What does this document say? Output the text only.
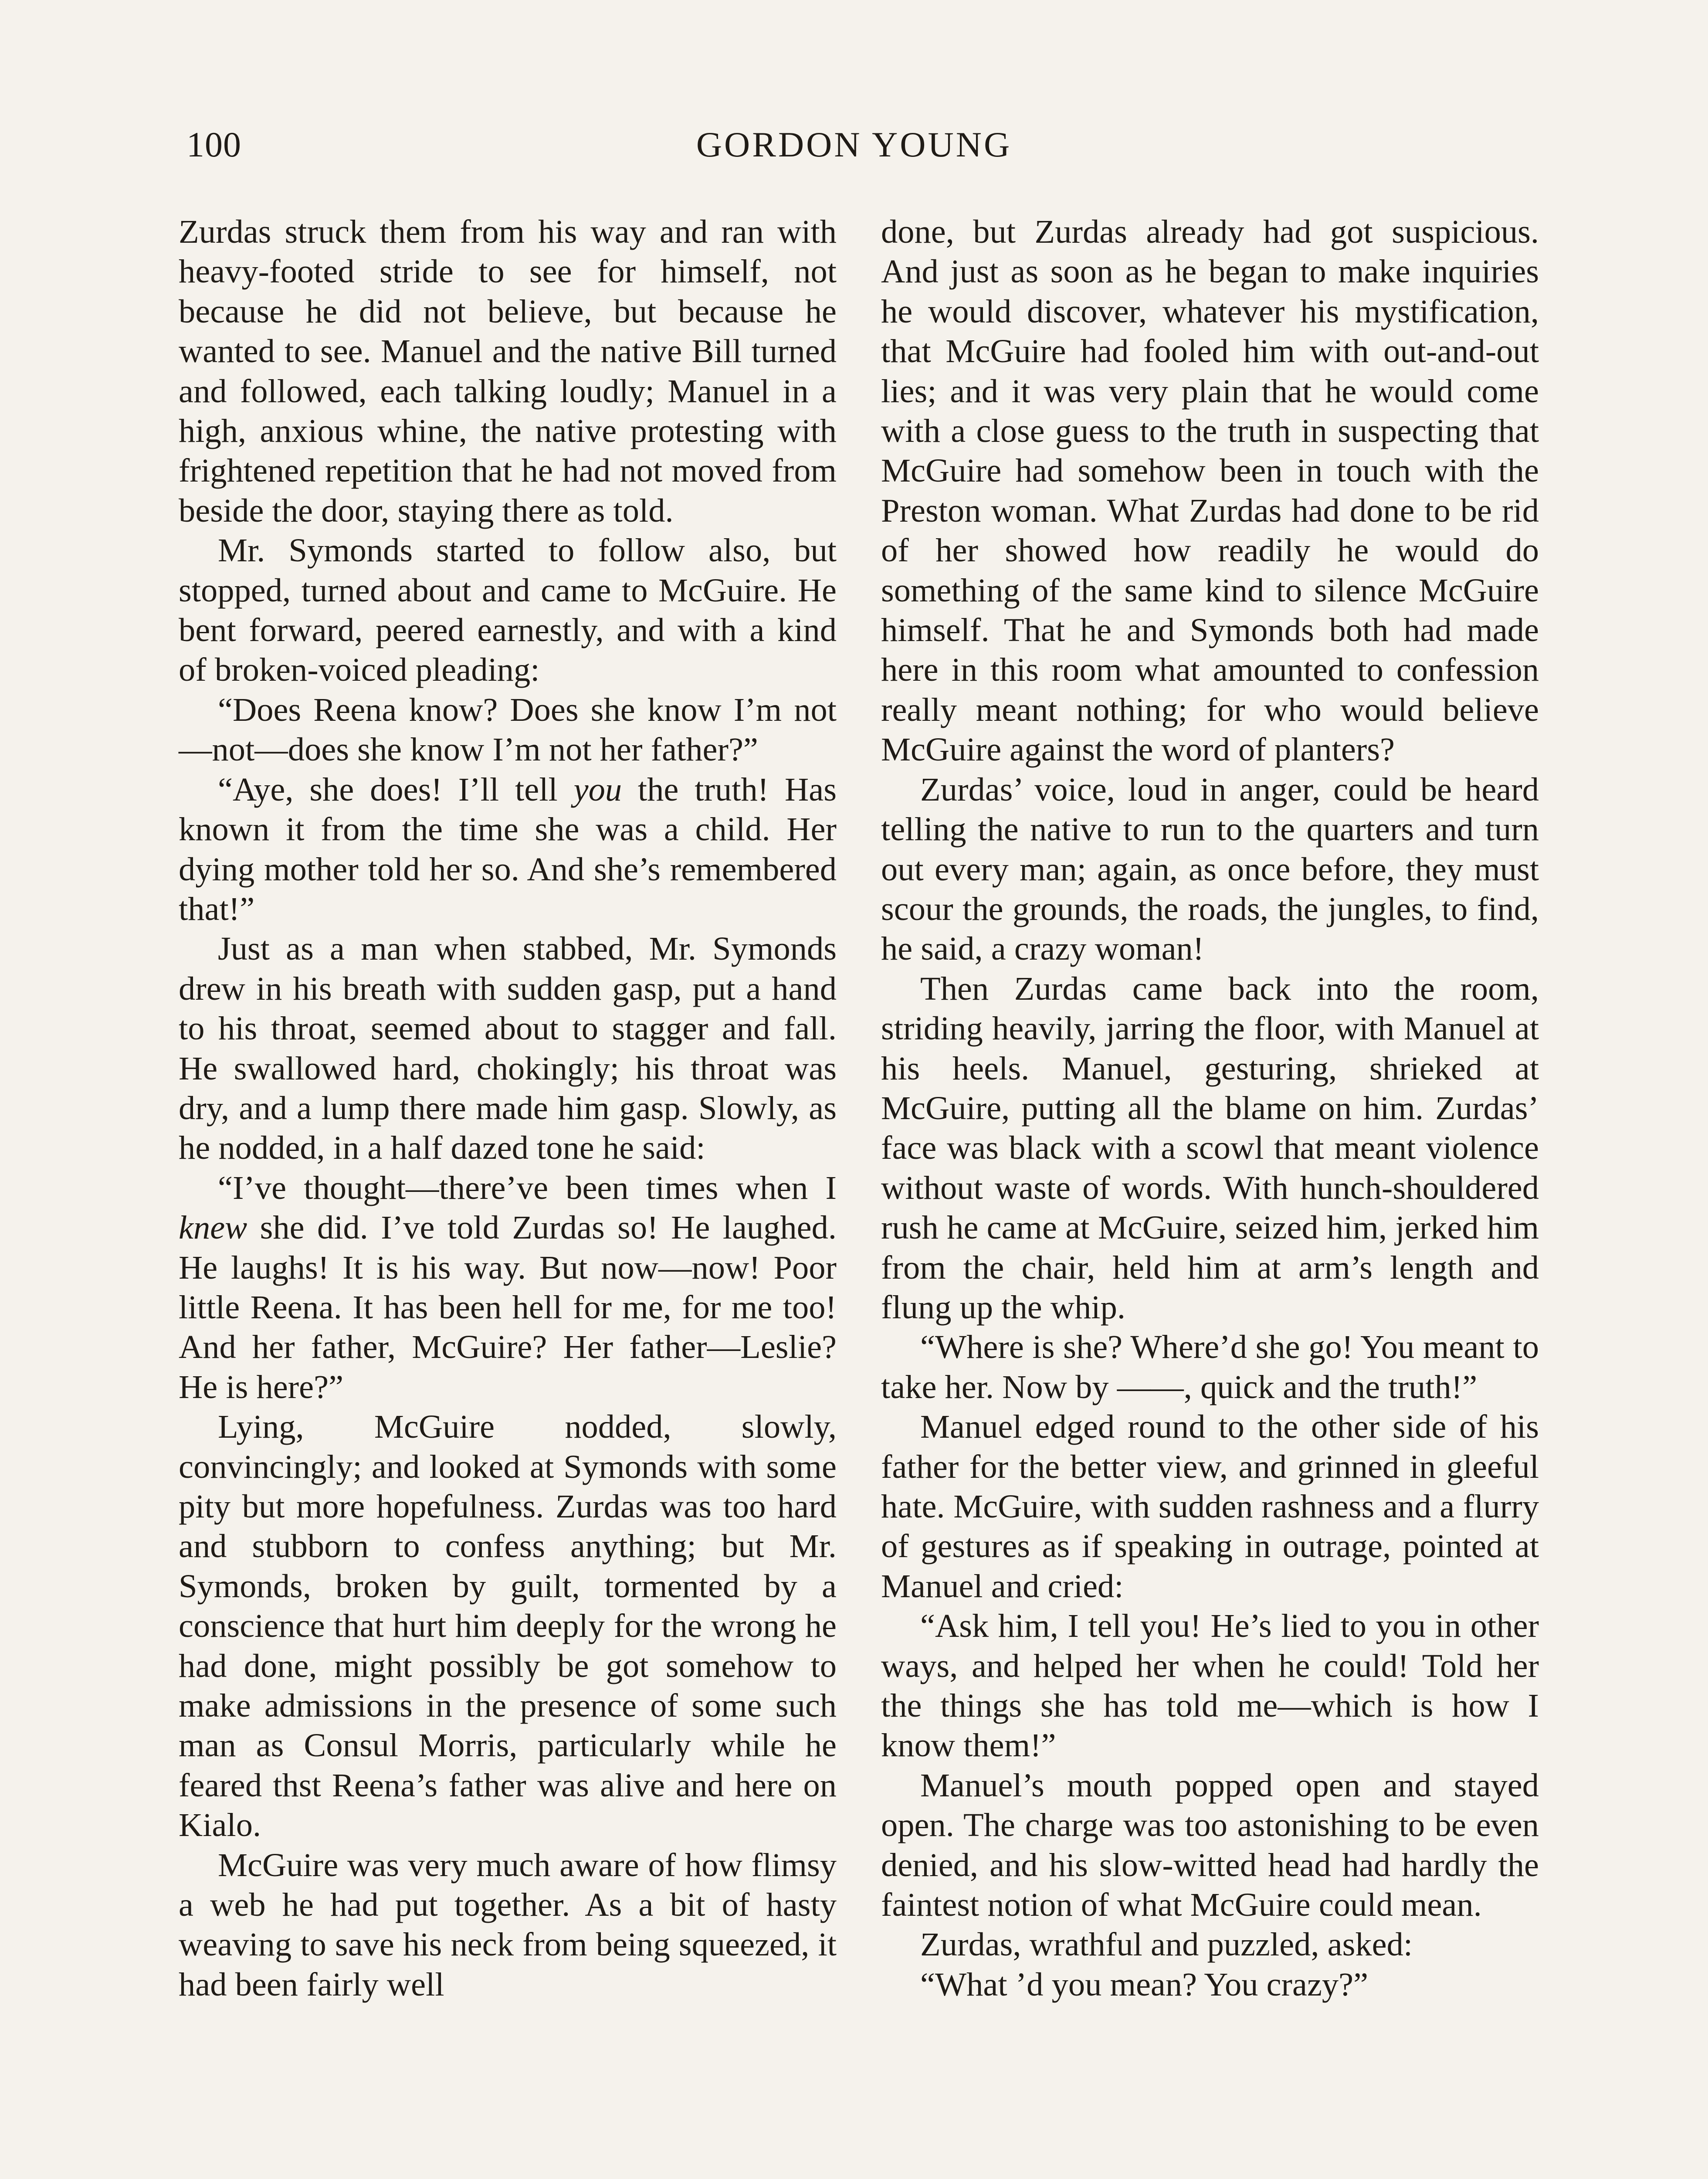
100	GORDON YOUNG

Zurdas struck them from his way and ran with heavy-footed stride to see for himself, not because he did not believe, but because he wanted to see. Manuel and the native Bill turned and followed, each talking loudly; Manuel in a high, anxious whine, the native protesting with frightened repetition that he had not moved from beside the door, staying there as told.

Mr. Symonds started to follow also, but stopped, turned about and came to McGuire. He bent forward, peered earnestly, and with a kind of broken-voiced pleading:

“Does Reena know? Does she know I’m not—not—does she know I’m not her father?”

“Aye, she does! I’ll tell you the truth! Has known it from the time she was a child. Her dying mother told her so. And she’s remembered that!”

Just as a man when stabbed, Mr. Symonds drew in his breath with sudden gasp, put a hand to his throat, seemed about to stagger and fall. He swallowed hard, chokingly; his throat was dry, and a lump there made him gasp. Slowly, as he nodded, in a half dazed tone he said:

“I’ve thought—there’ve been times when I knew she did. I’ve told Zurdas so! He laughed. He laughs! It is his way. But now—now! Poor little Reena. It has been hell for me, for me too! And her father, McGuire? Her father—Leslie? He is here?”

Lying, McGuire nodded, slowly, convincingly; and looked at Symonds with some pity but more hopefulness. Zurdas was too hard and stubborn to confess anything; but Mr. Symonds, broken by guilt, tormented by a conscience that hurt him deeply for the wrong he had done, might possibly be got somehow to make admissions in the presence of some such man as Consul Morris, particularly while he feared thst Reena’s father was alive and here on Kialo.

McGuire was very much aware of how flimsy a web he had put together. As a bit of hasty weaving to save his neck from being squeezed, it had been fairly well

done, but Zurdas already had got suspicious. And just as soon as he began to make inquiries he would discover, whatever his mystification, that McGuire had fooled him with out-and-out lies; and it was very plain that he would come with a close guess to the truth in suspecting that McGuire had somehow been in touch with the Preston woman. What Zurdas had done to be rid of her showed how readily he would do something of the same kind to silence McGuire himself. That he and Symonds both had made here in this room what amounted to confession really meant nothing; for who would believe McGuire against the word of planters?

Zurdas’ voice, loud in anger, could be heard telling the native to run to the quarters and turn out every man; again, as once before, they must scour the grounds, the roads, the jungles, to find, he said, a crazy woman!

Then Zurdas came back into the room, striding heavily, jarring the floor, with Manuel at his heels. Manuel, gesturing, shrieked at McGuire, putting all the blame on him. Zurdas’ face was black with a scowl that meant violence without waste of words. With hunch-shouldered rush he came at McGuire, seized him, jerked him from the chair, held him at arm’s length and flung up the whip.

“Where is she? Where’d she go! You meant to take her. Now by ——, quick and the truth!”

Manuel edged round to the other side of his father for the better view, and grinned in gleeful hate. McGuire, with sudden rashness and a flurry of gestures as if speaking in outrage, pointed at Manuel and cried:

“Ask him, I tell you! He’s lied to you in other ways, and helped her when he could! Told her the things she has told me—which is how I know them!”

Manuel’s mouth popped open and stayed open. The charge was too astonishing to be even denied, and his slow-witted head had hardly the faintest notion of what McGuire could mean.

Zurdas, wrathful and puzzled, asked:

“What ’d you mean? You crazy?”
